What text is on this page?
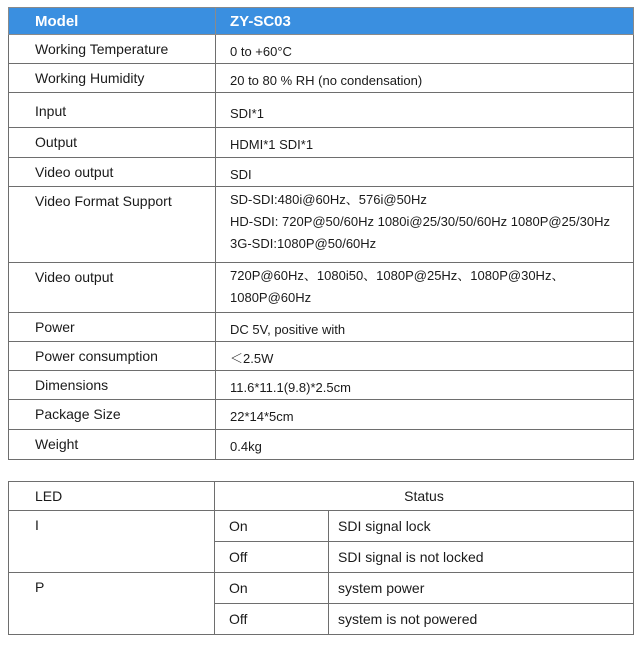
Model	ZY-SC03

Working Temperature	0 to +60°C

Working Humidity	20 to 80 % RH (no condensation)

Input	SDI*1

Output	HDMI*1 SDI*1

Video output	SDI

Video Format Support	SD-SDI:480i@60Hz、576i@50Hz
HD-SDI: 720P@50/60Hz 1080i@25/30/50/60Hz 1080P@25/30Hz
3G-SDI:1080P@50/60Hz

Video output	720P@60Hz、1080i50、1080P@25Hz、1080P@30Hz、
1080P@60Hz

Power	DC 5V, positive with

Power consumption	＜2.5W

Dimensions	11.6*11.1(9.8)*2.5cm

Package Size	22*14*5cm

Weight	0.4kg
LED	Status	
I	On	SDI signal lock
	Off	SDI signal is not locked
P	On	system power
	Off	system is not powered
